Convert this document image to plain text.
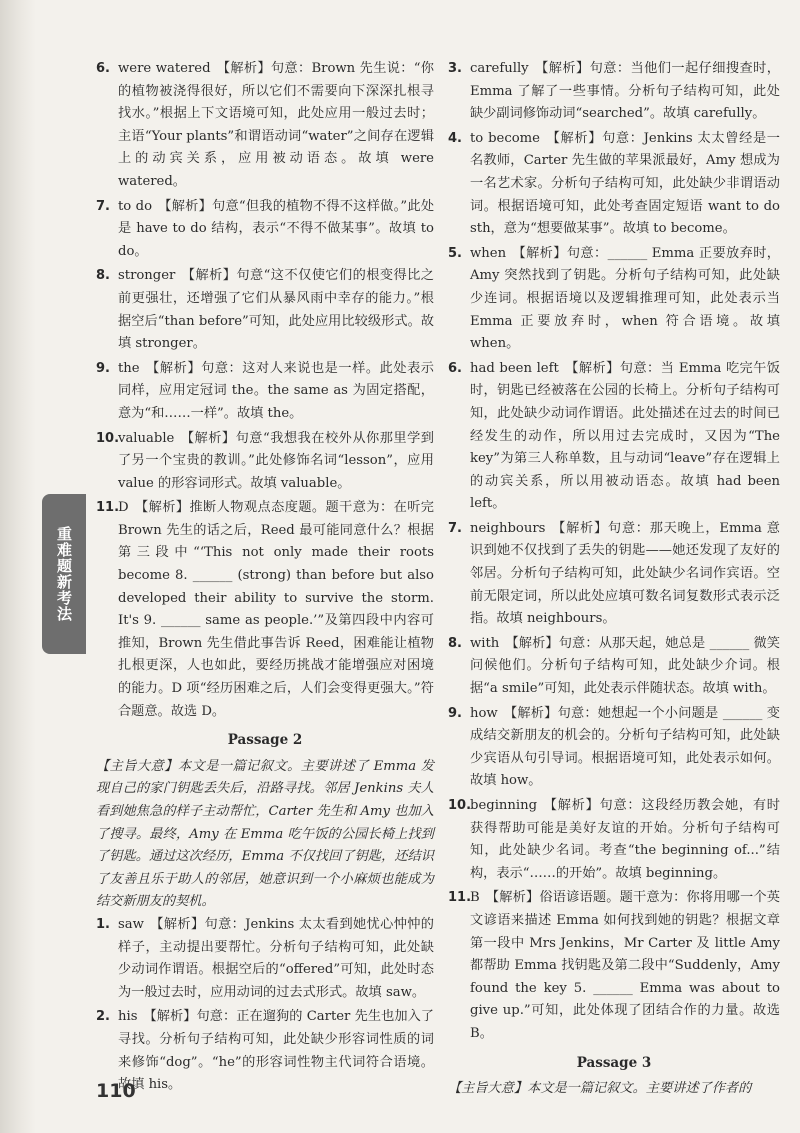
重难题新考法
6. were watered 【解析】句意：Brown 先生说：“你的植物被浇得很好，所以它们不需要向下深深扎根寻找水。”根据上下文语境可知，此处应用一般过去时；主语“Your plants”和谓语动词“water”之间存在逻辑上的动宾关系，应用被动语态。故填 were watered。
7. to do 【解析】句意“但我的植物不得不这样做。”此处是 have to do 结构，表示“不得不做某事”。故填 to do。
8. stronger 【解析】句意“这不仅使它们的根变得比之前更强壮，还增强了它们从暴风雨中幸存的能力。”根据空后“than before”可知，此处应用比较级形式。故填 stronger。
9. the 【解析】句意：这对人来说也是一样。此处表示同样，应用定冠词 the。the same as 为固定搭配，意为“和……一样”。故填 the。
10.
valuable 【解析】句意“我想我在校外从你那里学到了另一个宝贵的教训。”此处修饰名词“lesson”，应用 value 的形容词形式。故填 valuable。
11.
D 【解析】推断人物观点态度题。题干意为：在听完 Brown 先生的话之后，Reed 最可能同意什么？根据第三段中“‘This not only made their roots become 8. ______ (strong) than before but also developed their ability to survive the storm. It's 9. ______ same as people.’”及第四段中内容可推知，Brown 先生借此事告诉 Reed，困难能让植物扎根更深，人也如此，要经历挑战才能增强应对困境的能力。D 项“经历困难之后，人们会变得更强大。”符合题意。故选 D。
Passage 2
【主旨大意】本文是一篇记叙文。主要讲述了 Emma 发现自己的家门钥匙丢失后，沿路寻找。邻居 Jenkins 夫人看到她焦急的样子主动帮忙，Carter 先生和 Amy 也加入了搜寻。最终，Amy 在 Emma 吃午饭的公园长椅上找到了钥匙。通过这次经历，Emma 不仅找回了钥匙，还结识了友善且乐于助人的邻居，她意识到一个小麻烦也能成为结交新朋友的契机。
1. saw 【解析】句意：Jenkins 太太看到她忧心忡忡的样子，主动提出要帮忙。分析句子结构可知，此处缺少动词作谓语。根据空后的“offered”可知，此处时态为一般过去时，应用动词的过去式形式。故填 saw。
2. his 【解析】句意：正在遛狗的 Carter 先生也加入了寻找。分析句子结构可知，此处缺少形容词性质的词来修饰“dog”。“he”的形容词性物主代词符合语境。故填 his。
3. carefully 【解析】句意：当他们一起仔细搜查时，Emma 了解了一些事情。分析句子结构可知，此处缺少副词修饰动词“searched”。故填 carefully。
4. to become 【解析】句意：Jenkins 太太曾经是一名教师，Carter 先生做的苹果派最好，Amy 想成为一名艺术家。分析句子结构可知，此处缺少非谓语动词。根据语境可知，此处考查固定短语 want to do sth，意为“想要做某事”。故填 to become。
5. when 【解析】句意：______ Emma 正要放弃时，Amy 突然找到了钥匙。分析句子结构可知，此处缺少连词。根据语境以及逻辑推理可知，此处表示当 Emma 正要放弃时，when 符合语境。故填 when。
6. had been left 【解析】句意：当 Emma 吃完午饭时，钥匙已经被落在公园的长椅上。分析句子结构可知，此处缺少动词作谓语。此处描述在过去的时间已经发生的动作，所以用过去完成时，又因为“The key”为第三人称单数，且与动词“leave”存在逻辑上的动宾关系，所以用被动语态。故填 had been left。
7. neighbours 【解析】句意：那天晚上，Emma 意识到她不仅找到了丢失的钥匙——她还发现了友好的邻居。分析句子结构可知，此处缺少名词作宾语。空前无限定词，所以此处应填可数名词复数形式表示泛指。故填 neighbours。
8. with 【解析】句意：从那天起，她总是 ______ 微笑问候他们。分析句子结构可知，此处缺少介词。根据“a smile”可知，此处表示伴随状态。故填 with。
9. how 【解析】句意：她想起一个小问题是 ______ 变成结交新朋友的机会的。分析句子结构可知，此处缺少宾语从句引导词。根据语境可知，此处表示如何。故填 how。
10.
beginning 【解析】句意：这段经历教会她，有时获得帮助可能是美好友谊的开始。分析句子结构可知，此处缺少名词。考查“the beginning of...”结构，表示“……的开始”。故填 beginning。
11.
B 【解析】俗语谚语题。题干意为：你将用哪一个英文谚语来描述 Emma 如何找到她的钥匙？根据文章第一段中 Mrs Jenkins，Mr Carter 及 little Amy 都帮助 Emma 找钥匙及第二段中“Suddenly，Amy found the key 5. ______ Emma was about to give up.”可知，此处体现了团结合作的力量。故选 B。
Passage 3
【主旨大意】本文是一篇记叙文。主要讲述了作者的
110
